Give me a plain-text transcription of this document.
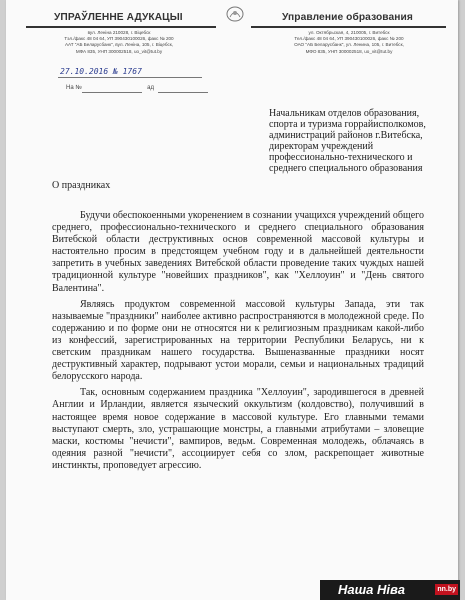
УПРАЎЛЕННЕ АДУКАЦЫІ
вул. Леніна 210028, г. Віцебск
Тэл./факс 48 04 64, УП 390430100026, факс № 200
ААТ "АБ Беларусбанк", вул. Леніна, 105, г. Віцебск,
МФА 835, УНП 300002518, uo_vit@tut.by
Управление образования
ул. Октябрьская, 4, 210005, г. Витебск
Тел./факс 48 04 64, УП 390430100026, факс № 200
ОАО "АБ Беларусбанк", ул. Ленина, 105, г. Витебск,
МФО 835, УНП 300002518, uo_vit@tut.by
27.10.2016 № 1767
На №	ад
Начальникам отделов образования,
спорта и туризма горрайисполкомов,
администраций районов г.Витебска,
директорам учреждений
профессионально-технического и
среднего специального образования
О праздниках

Будучи обеспокоенными укоренением в сознании учащихся учреждений общего среднего, профессионально-технического и среднего специального образования Витебской области деструктивных основ современной массовой культуры и настоятельно просим в предстоящем учебном году и в дальнейшей деятельности запретить в учебных заведениях Витебской области проведение таких чуждых нашей традиционной культуре "новейших праздников", как "Хеллоуин" и "День святого Валентина".

Являясь продуктом современной массовой культуры Запада, эти так называемые "праздники" наиболее активно распространяются в молодежной среде. По содержанию и по форме они не относятся ни к религиозным праздникам какой-либо из конфессий, зарегистрированных на территории Республики Беларусь, ни к светским праздникам нашего государства. Вышеназванные праздники носят деструктивный характер, подрывают устои морали, семьи и национальных традиций белорусского народа.

Так, основным содержанием праздника "Хеллоуин", зародившегося в древней Англии и Ирландии, является языческий оккультизм (колдовство), получивший в настоящее время новое содержание в массовой культуре. Его главными темами выступают смерть, зло, устрашающие монстры, а главными атрибутами – зловещие маски, костюмы "нечисти", вампиров, ведьм. Современная молодежь, облачаясь в одеяния разной "нечисти", ассоциирует себя со злом, раскрепощает животные инстинкты, проповедует агрессию.

Наша Ніва	nn.by
